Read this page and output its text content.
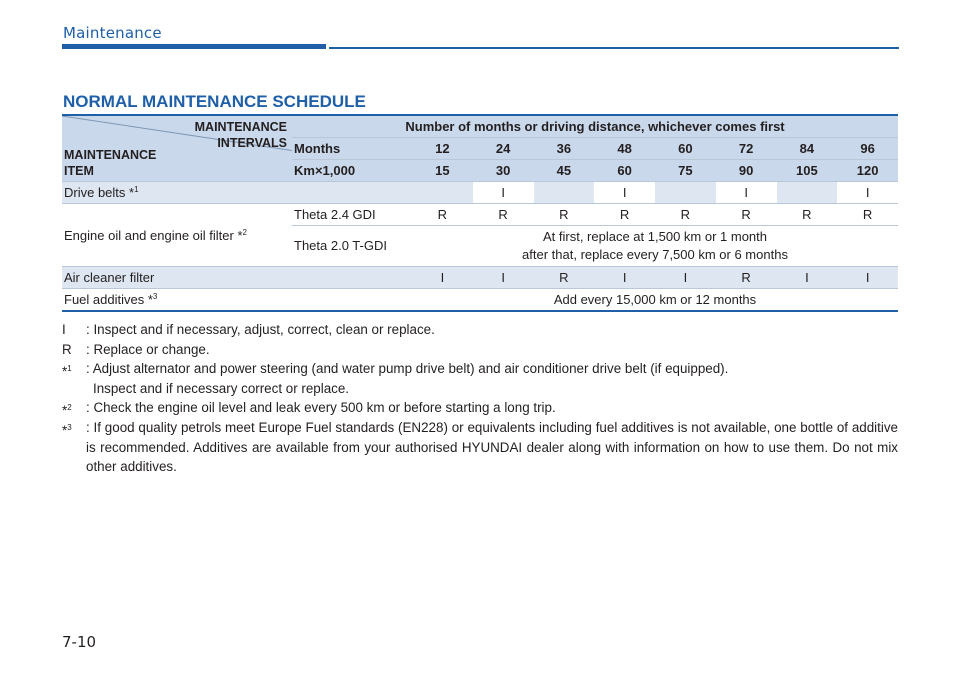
Maintenance
NORMAL MAINTENANCE SCHEDULE
MAINTENANCE
INTERVALS
MAINTENANCE
ITEM	Number of months or driving distance, whichever comes first								
	Months	12	24	36	48	60	72	84	96
	Km×1,000	15	30	45	60	75	90	105	120
Drive belts *$^1$			I		I		I		I
Engine oil and engine oil filter *$^2$	Theta 2.4 GDI	R	R	R	R	R	R	R	R
	Theta 2.0 T-GDI	At first, replace at 1,500 km or 1 month
after that, replace every 7,500 km or 6 months							
Air cleaner filter		I	I	R	I	I	R	I	I
Fuel additives *$^3$		Add every 15,000 km or 12 months							
I : Inspect and if necessary, adjust, correct, clean or replace.
R : Replace or change.
*$^1$ : Adjust alternator and power steering (and water pump drive belt) and air conditioner drive belt (if equipped).
Inspect and if necessary correct or replace.
*$^2$ : Check the engine oil level and leak every 500 km or before starting a long trip.
*$^3$ : If good quality petrols meet Europe Fuel standards (EN228) or equivalents including fuel additives is not available, one bottle of additive is recommended. Additives are available from your authorised HYUNDAI dealer along with information on how to use them. Do not mix other additives.
7-10
